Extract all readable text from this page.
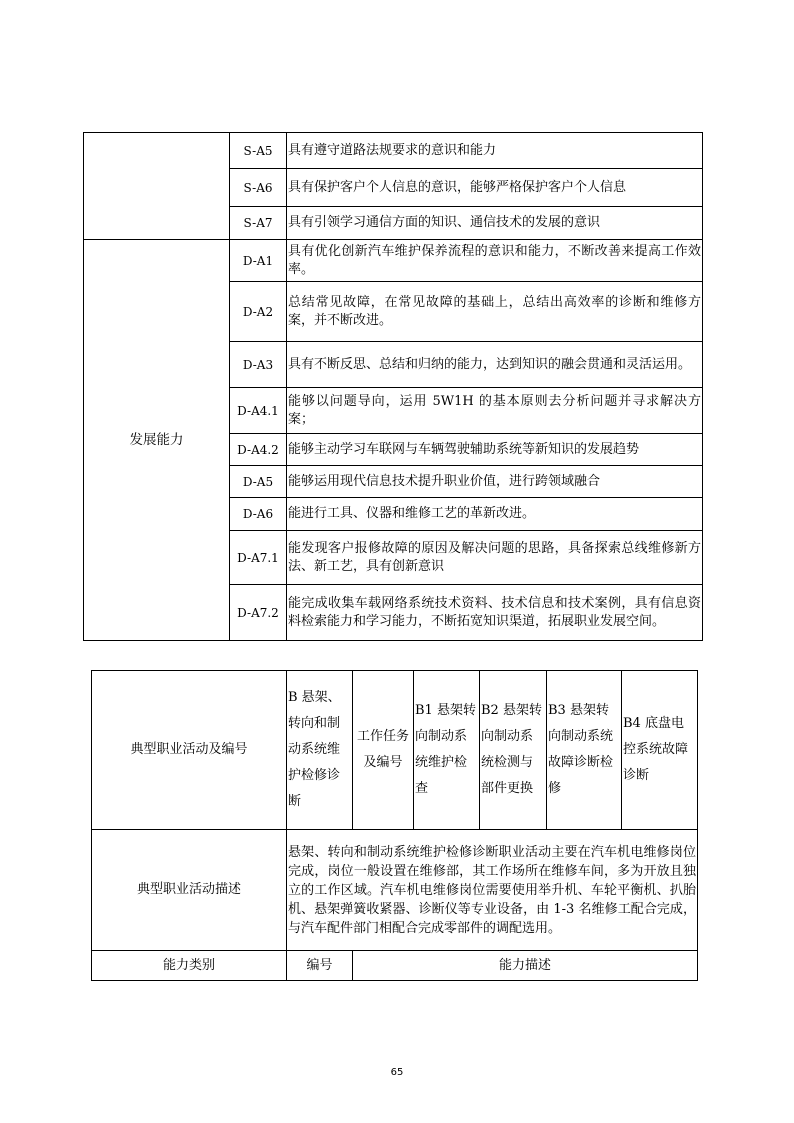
	S-A5	具有遵守道路法规要求的意识和能力
	S-A6	具有保护客户个人信息的意识，能够严格保护客户个人信息
	S-A7	具有引领学习通信方面的知识、通信技术的发展的意识
发展能力	D-A1	具有优化创新汽车维护保养流程的意识和能力，不断改善来提高工作效率。
	D-A2	总结常见故障，在常见故障的基础上，总结出高效率的诊断和维修方案，并不断改进。
	D-A3	具有不断反思、总结和归纳的能力，达到知识的融会贯通和灵活运用。
	D-A4.1	能够以问题导向，运用 5W1H 的基本原则去分析问题并寻求解决方案；
	D-A4.2	能够主动学习车联网与车辆驾驶辅助系统等新知识的发展趋势
	D-A5	能够运用现代信息技术提升职业价值，进行跨领域融合
	D-A6	能进行工具、仪器和维修工艺的革新改进。
	D-A7.1	能发现客户报修故障的原因及解决问题的思路，具备探索总线维修新方法、新工艺，具有创新意识
	D-A7.2	能完成收集车载网络系统技术资料、技术信息和技术案例，具有信息资料检索能力和学习能力，不断拓宽知识渠道，拓展职业发展空间。
典型职业活动及编号	B 悬架、转向和制动系统维护检修诊断	工作任务及编号	B1 悬架转向制动系统维护检查	B2 悬架转向制动系统检测与部件更换	B3 悬架转向制动系统故障诊断检修	B4 底盘电控系统故障诊断
典型职业活动描述	悬架、转向和制动系统维护检修诊断职业活动主要在汽车机电维修岗位完成，岗位一般设置在维修部，其工作场所在维修车间，多为开放且独立的工作区域。汽车机电维修岗位需要使用举升机、车轮平衡机、扒胎机、悬架弹簧收紧器、诊断仪等专业设备，由 1-3 名维修工配合完成，与汽车配件部门相配合完成零部件的调配选用。					
能力类别	编号	能力描述				
65
